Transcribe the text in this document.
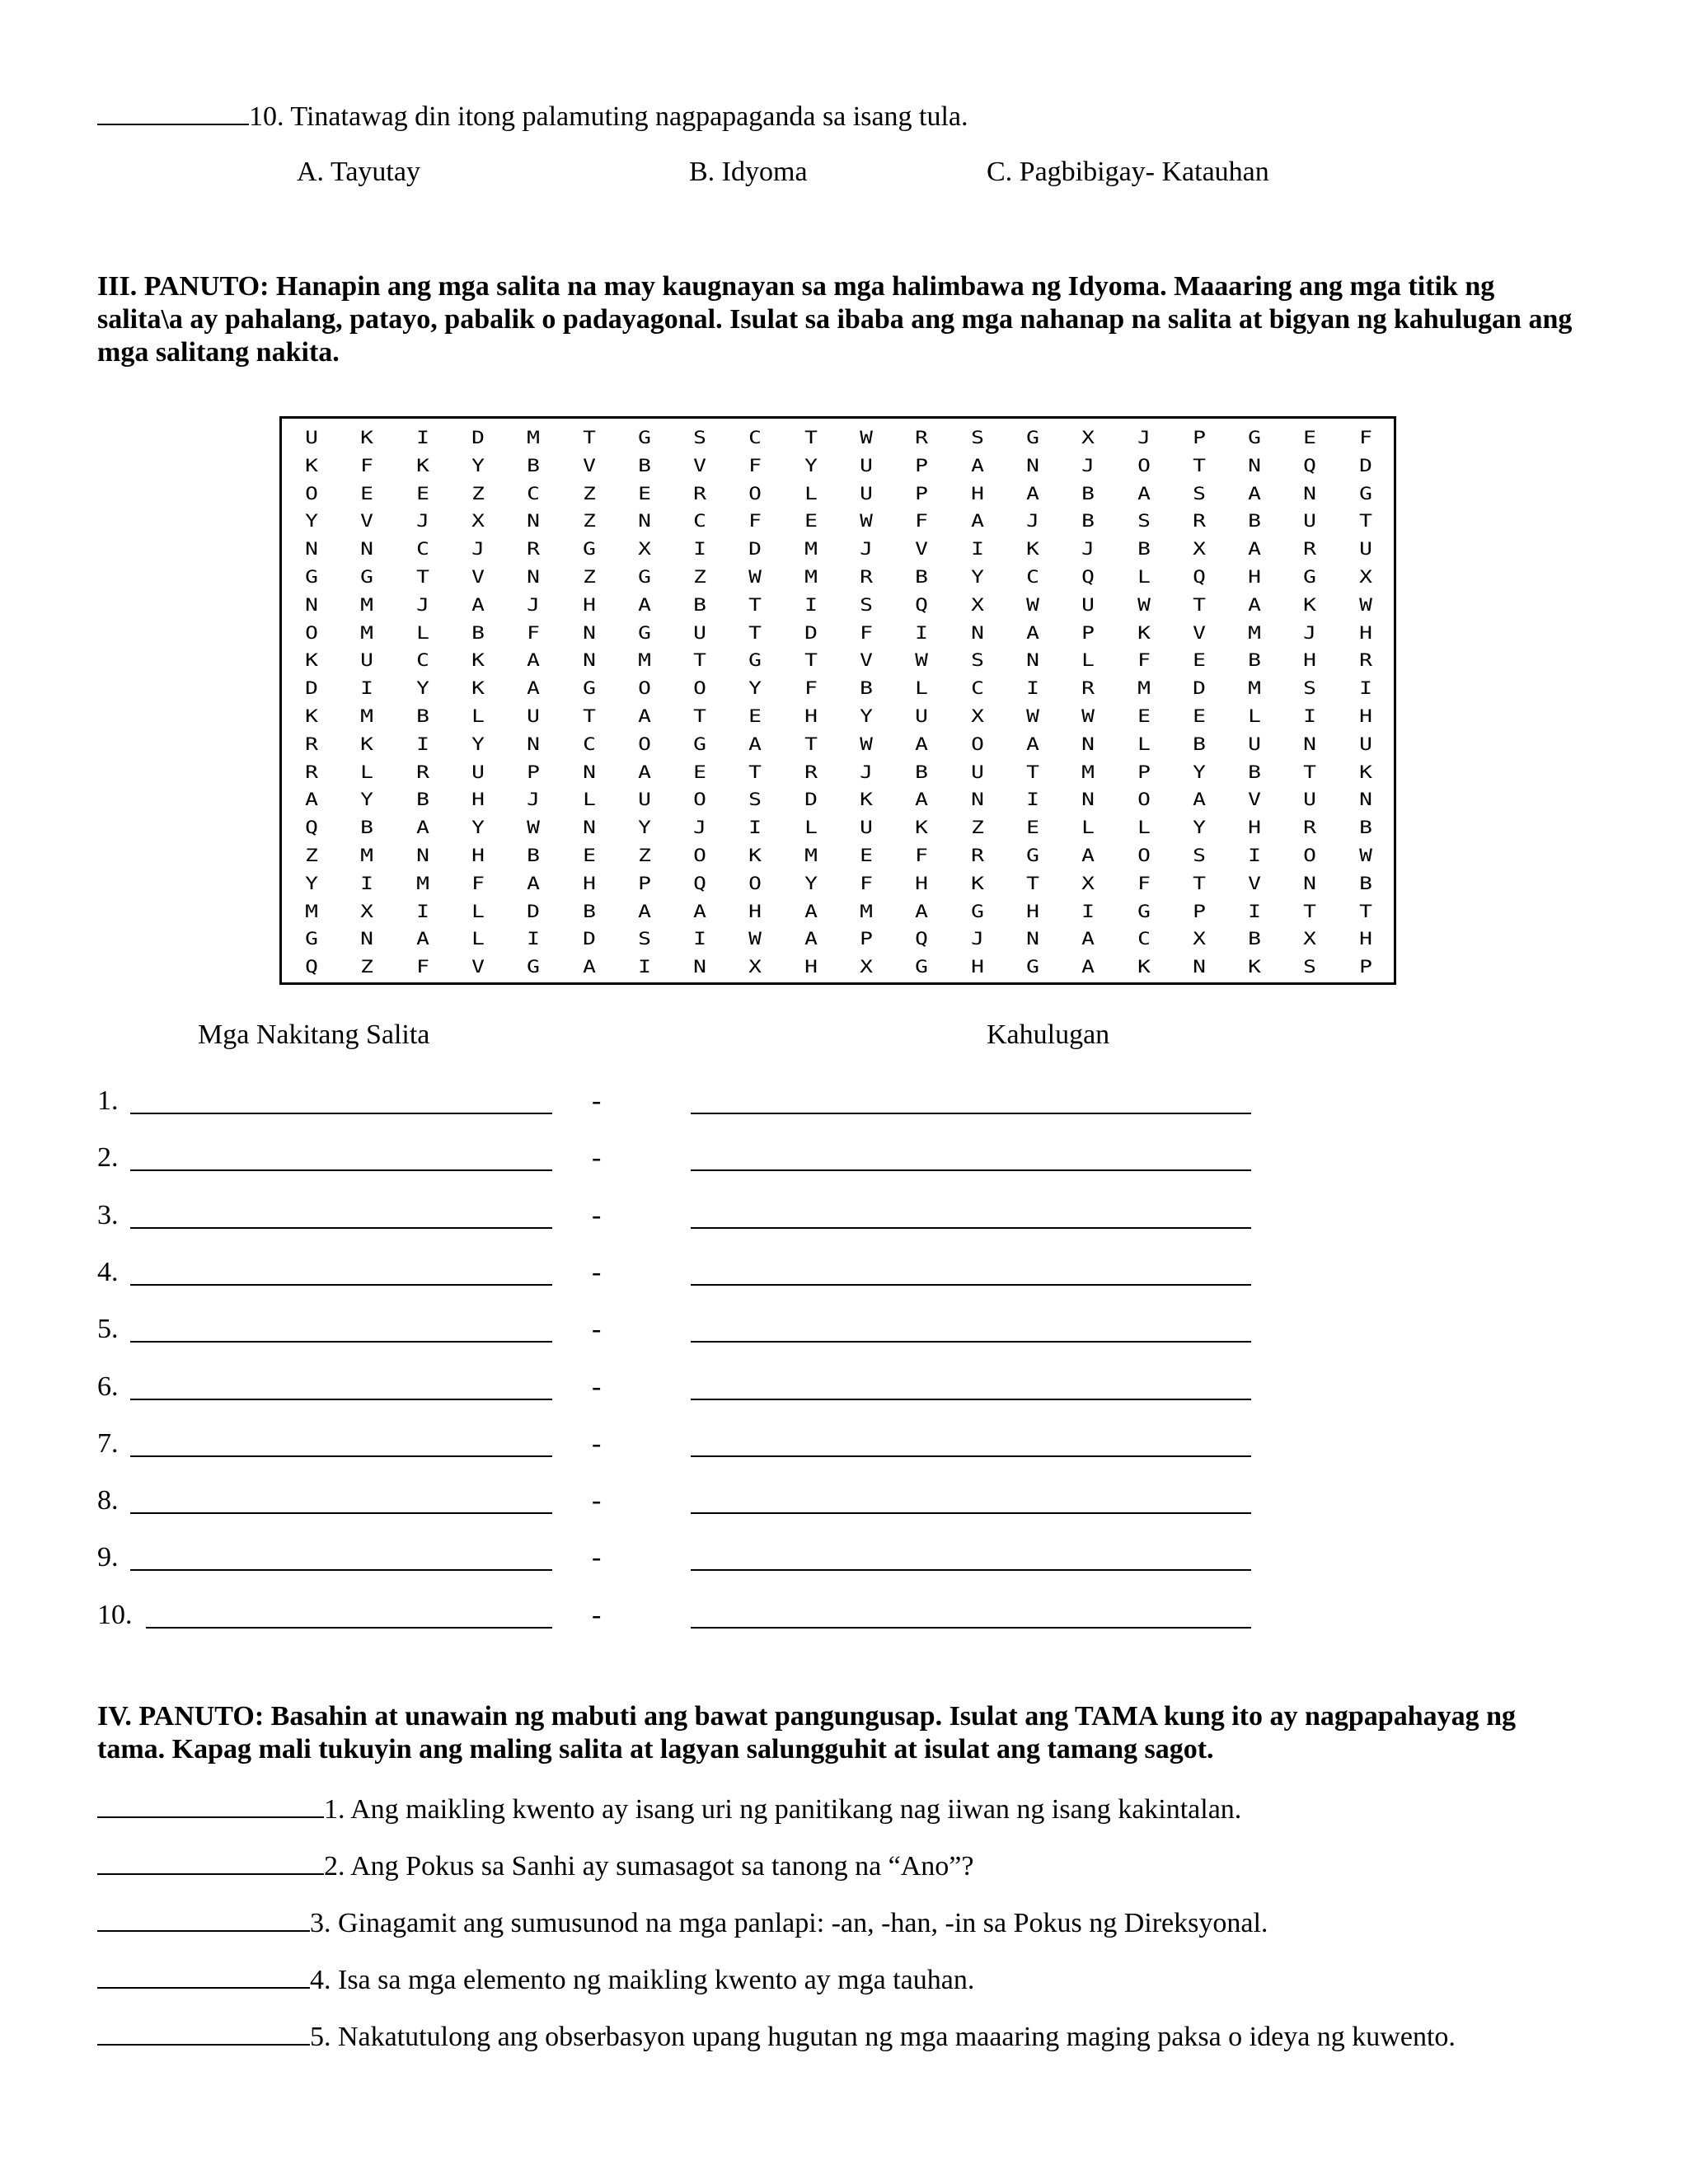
10. Tinatawag din itong palamuting nagpapaganda sa isang tula.
A. Tayutay	B. Idyoma	C. Pagbibigay- Katauhan
III. PANUTO: Hanapin ang mga salita na may kaugnayan sa mga halimbawa ng Idyoma. Maaaring ang mga titik ng salita\a ay pahalang, patayo, pabalik o padayagonal. Isulat sa ibaba ang mga nahanap na salita at bigyan ng kahulugan ang mga salitang nakita.
U	K	I	D	M	T	G	S	C	T	W	R	S	G	X	J	P	G	E	F
K	F	K	Y	B	V	B	V	F	Y	U	P	A	N	J	O	T	N	Q	D
O	E	E	Z	C	Z	E	R	O	L	U	P	H	A	B	A	S	A	N	G
Y	V	J	X	N	Z	N	C	F	E	W	F	A	J	B	S	R	B	U	T
N	N	C	J	R	G	X	I	D	M	J	V	I	K	J	B	X	A	R	U
G	G	T	V	N	Z	G	Z	W	M	R	B	Y	C	Q	L	Q	H	G	X
N	M	J	A	J	H	A	B	T	I	S	Q	X	W	U	W	T	A	K	W
O	M	L	B	F	N	G	U	T	D	F	I	N	A	P	K	V	M	J	H
K	U	C	K	A	N	M	T	G	T	V	W	S	N	L	F	E	B	H	R
D	I	Y	K	A	G	O	O	Y	F	B	L	C	I	R	M	D	M	S	I
K	M	B	L	U	T	A	T	E	H	Y	U	X	W	W	E	E	L	I	H
R	K	I	Y	N	C	O	G	A	T	W	A	O	A	N	L	B	U	N	U
R	L	R	U	P	N	A	E	T	R	J	B	U	T	M	P	Y	B	T	K
A	Y	B	H	J	L	U	O	S	D	K	A	N	I	N	O	A	V	U	N
Q	B	A	Y	W	N	Y	J	I	L	U	K	Z	E	L	L	Y	H	R	B
Z	M	N	H	B	E	Z	O	K	M	E	F	R	G	A	O	S	I	O	W
Y	I	M	F	A	H	P	Q	O	Y	F	H	K	T	X	F	T	V	N	B
M	X	I	L	D	B	A	A	H	A	M	A	G	H	I	G	P	I	T	T
G	N	A	L	I	D	S	I	W	A	P	Q	J	N	A	C	X	B	X	H
Q	Z	F	V	G	A	I	N	X	H	X	G	H	G	A	K	N	K	S	P
Mga Nakitang Salita	Kahulugan
1.	-
2.	-
3.	-
4.	-
5.	-
6.	-
7.	-
8.	-
9.	-
10.	-
IV. PANUTO: Basahin at unawain ng mabuti ang bawat pangungusap. Isulat ang TAMA kung ito ay nagpapahayag ng tama. Kapag mali tukuyin ang maling salita at lagyan salungguhit at isulat ang tamang sagot.
1. Ang maikling kwento ay isang uri ng panitikang nag iiwan ng isang kakintalan.
2. Ang Pokus sa Sanhi ay sumasagot sa tanong na “Ano”?
3. Ginagamit ang sumusunod na mga panlapi: -an, -han, -in sa Pokus ng Direksyonal.
4. Isa sa mga elemento ng maikling kwento ay mga tauhan.
5. Nakatutulong ang obserbasyon upang hugutan ng mga maaaring maging paksa o ideya ng kuwento.
